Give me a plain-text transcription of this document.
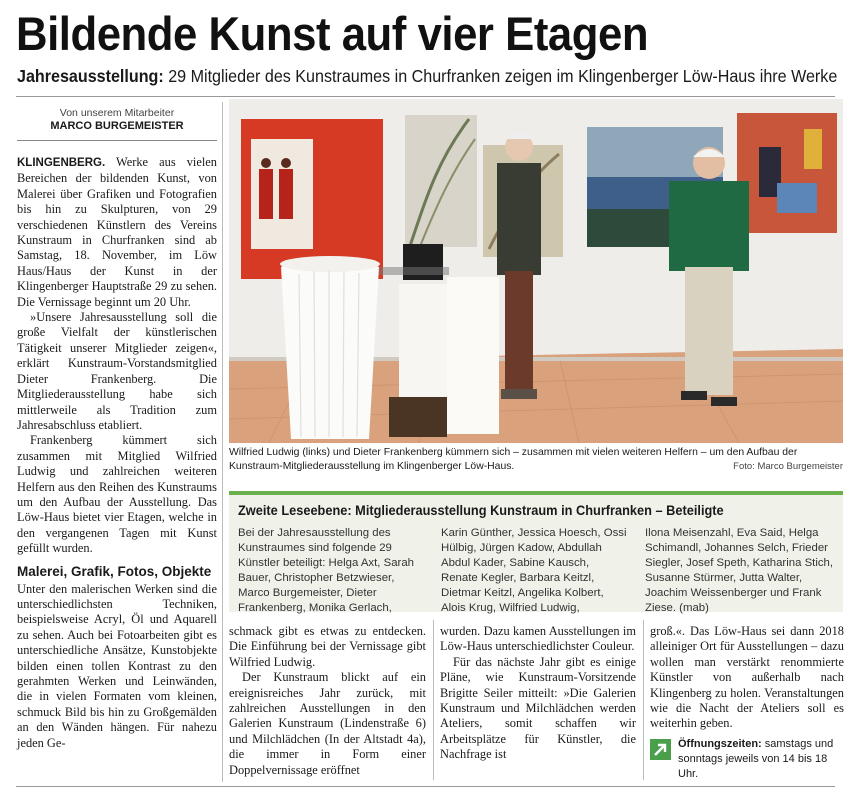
Bildende Kunst auf vier Etagen
Jahresausstellung: 29 Mitglieder des Kunstraumes in Churfranken zeigen im Klingenberger Löw-Haus ihre Werke
Von unserem Mitarbeiter
MARCO BURGEMEISTER

KLINGENBERG. Werke aus vielen Bereichen der bildenden Kunst, von Malerei über Grafiken und Fotografien bis hin zu Skulpturen, von 29 verschiedenen Künstlern des Vereins Kunstraum in Churfranken sind ab Samstag, 18. November, im Löw Haus/Haus der Kunst in der Klingenberger Hauptstraße 29 zu sehen. Die Vernissage beginnt um 20 Uhr.

»Unsere Jahresausstellung soll die große Vielfalt der künstlerischen Tätigkeit unserer Mitglieder zeigen«, erklärt Kunstraum-Vorstandsmitglied Dieter Frankenberg. Die Mitgliederausstellung habe sich mittlerweile als Tradition zum Jahresabschluss etabliert.

Frankenberg kümmert sich zusammen mit Mitglied Wilfried Ludwig und zahlreichen weiteren Helfern aus den Reihen des Kunstraums um den Aufbau der Ausstellung. Das Löw-Haus bietet vier Etagen, welche in den vergangenen Tagen mit Kunst gefüllt wurden.

Malerei, Grafik, Fotos, Objekte

Unter den malerischen Werken sind die unterschiedlichsten Techniken, beispielsweise Acryl, Öl und Aquarell zu sehen. Auch bei Fotoarbeiten gibt es unterschiedliche Ansätze, Kunstobjekte bilden einen tollen Kontrast zu den gerahmten Werken und Leinwänden, die in vielen Formaten vom kleinen, schmuck Bild bis hin zu Großgemälden an den Wänden hängen. Für nahezu jeden Ge-

Wilfried Ludwig (links) und Dieter Frankenberg kümmern sich – zusammen mit vielen weiteren Helfern – um den Aufbau der Kunstraum-Mitgliederausstellung im Klingenberger Löw-Haus.	Foto: Marco Burgemeister
Zweite Leseebene: Mitgliederausstellung Kunstraum in Churfranken – Beteiligte
Bei der Jahresausstellung des Kunstraumes sind folgende 29 Künstler beteiligt: Helga Axt, Sarah Bauer, Christopher Betzwieser, Marco Burgemeister, Dieter Frankenberg, Monika Gerlach,
Karin Günther, Jessica Hoesch, Ossi Hülbig, Jürgen Kadow, Abdullah Abdul Kader, Sabine Kausch, Renate Kegler, Barbara Keitzl, Dietmar Keitzl, Angelika Kolbert, Alois Krug, Wilfried Ludwig,
Ilona Meisenzahl, Eva Said, Helga Schimandl, Johannes Selch, Frieder Siegler, Josef Speth, Katharina Stich, Susanne Stürmer, Jutta Walter, Joachim Weissenberger und Frank Ziese. (mab)

schmack gibt es etwas zu entdecken. Die Einführung bei der Vernissage gibt Wilfried Ludwig.

Der Kunstraum blickt auf ein ereignisreiches Jahr zurück, mit zahlreichen Ausstellungen in den Galerien Kunstraum (Lindenstraße 6) und Milchlädchen (In der Altstadt 4a), die immer in Form einer Doppelvernissage eröffnet

wurden. Dazu kamen Ausstellungen im Löw-Haus unterschiedlichster Couleur.

Für das nächste Jahr gibt es einige Pläne, wie Kunstraum-Vorsitzende Brigitte Seiler mitteilt: »Die Galerien Kunstraum und Milchlädchen werden Ateliers, somit schaffen wir Arbeitsplätze für Künstler, die Nachfrage ist

groß.«. Das Löw-Haus sei dann 2018 alleiniger Ort für Ausstellungen – dazu wollen man verstärkt renommierte Künstler von außerhalb nach Klingenberg zu holen. Veranstaltungen wie die Nacht der Ateliers soll es weiterhin geben.

Öffnungszeiten: samstags und sonntags jeweils von 14 bis 18 Uhr.
